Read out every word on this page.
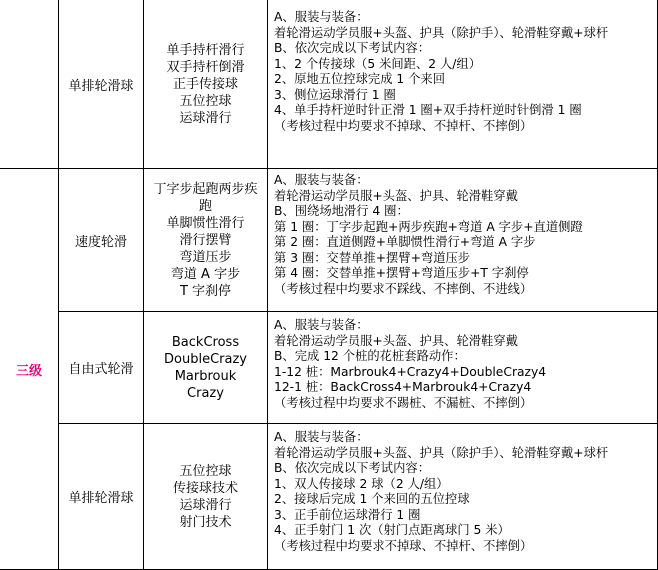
三级
单排轮滑球
单手持杆滑行
双手持杆倒滑
正手传接球
五位控球
运球滑行
A、服装与装备：
着轮滑运动学员服+头盔、护具（除护手）、轮滑鞋穿戴+球杆
B、依次完成以下考试内容：
1、2 个传接球（5 米间距、2 人/组）
2、原地五位控球完成 1 个来回
3、侧位运球滑行 1 圈
4、单手持杆逆时针正滑 1 圈+双手持杆逆时针倒滑 1 圈
（考核过程中均要求不掉球、不掉杆、不摔倒）
速度轮滑
丁字步起跑两步疾
跑
单脚惯性滑行
滑行摆臂
弯道压步
弯道 A 字步
T 字刹停
A、服装与装备：
着轮滑运动学员服+头盔、护具、轮滑鞋穿戴
B、围绕场地滑行 4 圈：
第 1 圈：丁字步起跑+两步疾跑+弯道 A 字步+直道侧蹬
第 2 圈：直道侧蹬+单脚惯性滑行+弯道 A 字步
第 3 圈：交替单推+摆臂+弯道压步
第 4 圈：交替单推+摆臂+弯道压步+T 字刹停
（考核过程中均要求不踩线、不摔倒、不进线）
自由式轮滑
BackCross
DoubleCrazy
Marbrouk
Crazy
A、服装与装备：
着轮滑运动学员服+头盔、护具、轮滑鞋穿戴
B、完成 12 个桩的花桩套路动作：
1-12 桩：Marbrouk4+Crazy4+DoubleCrazy4
12-1 桩：BackCross4+Marbrouk4+Crazy4
（考核过程中均要求不踢桩、不漏桩、不摔倒）
单排轮滑球
五位控球
传接球技术
运球滑行
射门技术
A、服装与装备：
着轮滑运动学员服+头盔、护具（除护手）、轮滑鞋穿戴+球杆
B、依次完成以下考试内容：
1、双人传接球 2 球（2 人/组）
2、接球后完成 1 个来回的五位控球
3、正手前位运球滑行 1 圈
4、正手射门 1 次（射门点距离球门 5 米）
（考核过程中均要求不掉球、不掉杆、不摔倒）
